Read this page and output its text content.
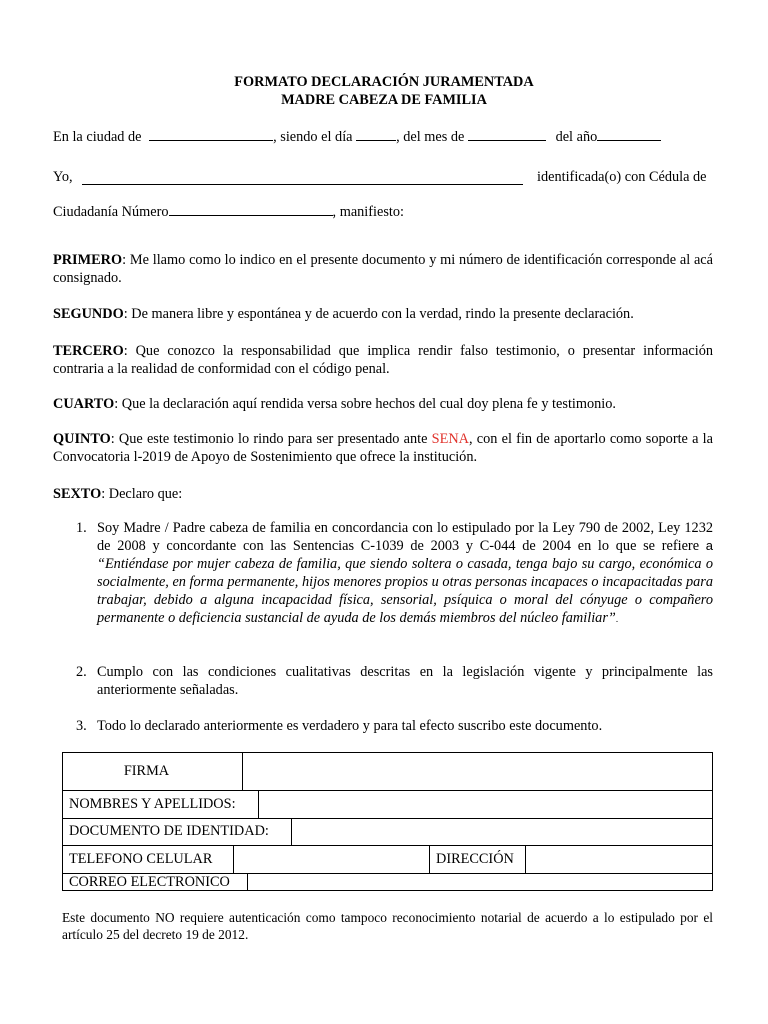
FORMATO DECLARACIÓN JURAMENTADA
MADRE CABEZA DE FAMILIA
En la ciudad de	, siendo el día	, del mes de	del año
Yo,	identificada(o) con Cédula de
Ciudadanía Número	, manifiesto:
PRIMERO: Me llamo como lo indico en el presente documento y mi número de identificación corresponde al acá consignado.
SEGUNDO: De manera libre y espontánea y de acuerdo con la verdad, rindo la presente declaración.
TERCERO: Que conozco la responsabilidad que implica rendir falso testimonio, o presentar información contraria a la realidad de conformidad con el código penal.
CUARTO: Que la declaración aquí rendida versa sobre hechos del cual doy plena fe y testimonio.
QUINTO: Que este testimonio lo rindo para ser presentado ante SENA, con el fin de aportarlo como soporte a la Convocatoria l-2019 de Apoyo de Sostenimiento que ofrece la institución.
SEXTO: Declaro que:
1. Soy Madre / Padre cabeza de familia en concordancia con lo estipulado por la Ley 790 de 2002, Ley 1232 de 2008 y concordante con las Sentencias C-1039 de 2003 y C-044 de 2004 en lo que se refiere a “Entiéndase por mujer cabeza de familia, que siendo soltera o casada, tenga bajo su cargo, económica o socialmente, en forma permanente, hijos menores propios u otras personas incapaces o incapacitadas para trabajar, debido a alguna incapacidad física, sensorial, psíquica o moral del cónyuge o compañero permanente o deficiencia sustancial de ayuda de los demás miembros del núcleo familiar”.
2. Cumplo con las condiciones cualitativas descritas en la legislación vigente y principalmente las anteriormente señaladas.
3. Todo lo declarado anteriormente es verdadero y para tal efecto suscribo este documento.
FIRMA
NOMBRES Y APELLIDOS:
DOCUMENTO DE IDENTIDAD:
TELEFONO CELULAR	DIRECCIÓN
CORREO ELECTRONICO
Este documento NO requiere autenticación como tampoco reconocimiento notarial de acuerdo a lo estipulado por el artículo 25 del decreto 19 de 2012.
